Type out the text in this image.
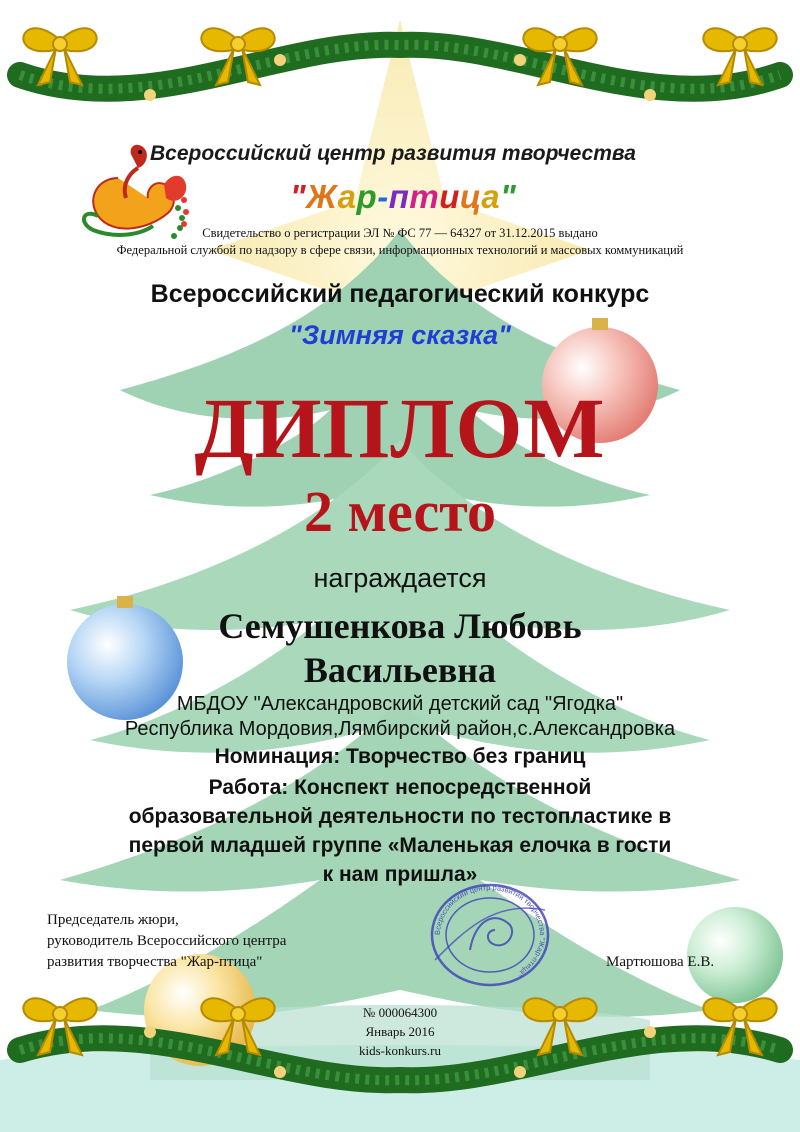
Всероссийский центр развития творчества
"Жар-птица"
Свидетельство о регистрации ЭЛ № ФС 77 — 64327 от 31.12.2015 выдано
Федеральной службой по надзору в сфере связи, информационных технологий и массовых коммуникаций
Всероссийский педагогический конкурс
"Зимняя сказка"
ДИПЛОМ
2 место
награждается
Семушенкова Любовь
Васильевна
МБДОУ "Александровский детский сад "Ягодка"
Республика Мордовия,Лямбирский район,с.Александровка
Номинация: Творчество без границ
Работа: Конспект непосредственной
образовательной деятельности по тестопластике в
первой младшей группе «Маленькая елочка в гости
к нам пришла»
Председатель жюри,
руководитель Всероссийского центра
развития творчества "Жар-птица"
Всероссийский центр развития творчества "Жар-птица"
Мартюшова Е.В.
№ 000064300
Январь 2016
kids-konkurs.ru
